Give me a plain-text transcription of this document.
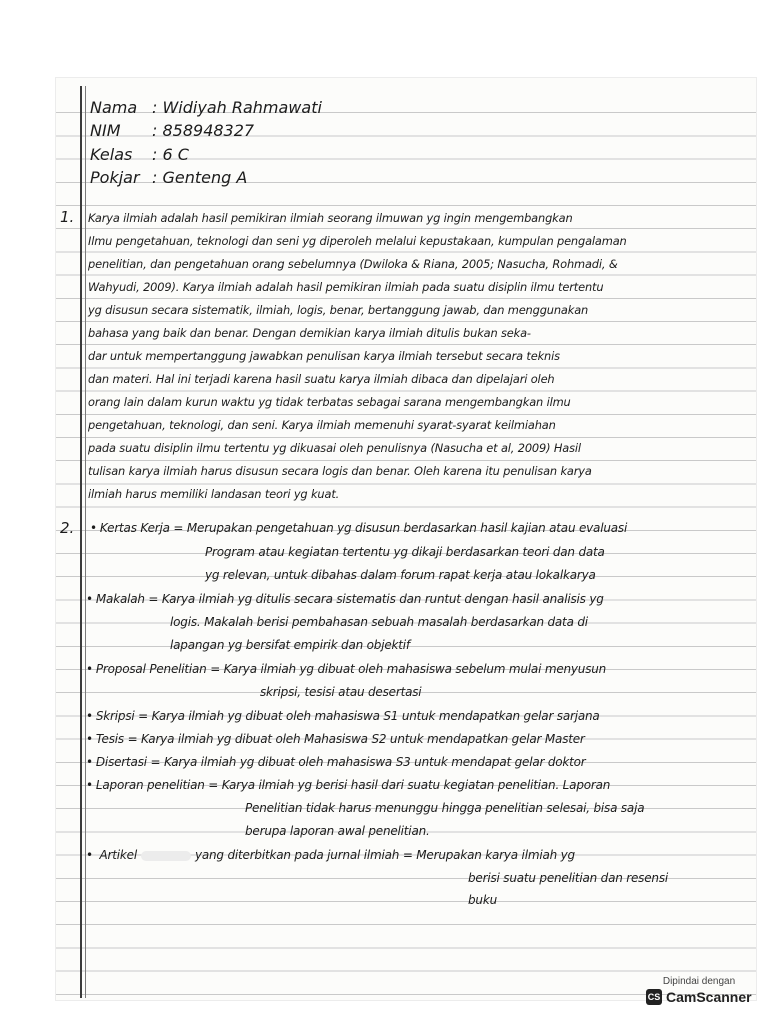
Nama : Widiyah Rahmawati
NIM : 858948327
Kelas : 6 C
Pokjar : Genteng A
1. Karya ilmiah adalah hasil pemikiran ilmiah seorang ilmuwan yg ingin mengembangkan
Ilmu pengetahuan, teknologi dan seni yg diperoleh melalui kepustakaan, kumpulan pengalaman
penelitian, dan pengetahuan orang sebelumnya (Dwiloka & Riana, 2005; Nasucha, Rohmadi, &
Wahyudi, 2009). Karya ilmiah adalah hasil pemikiran ilmiah pada suatu disiplin ilmu tertentu
yg disusun secara sistematik, ilmiah, logis, benar, bertanggung jawab, dan menggunakan
bahasa yang baik dan benar. Dengan demikian karya ilmiah ditulis bukan seka-
dar untuk mempertanggung jawabkan penulisan karya ilmiah tersebut secara teknis
dan materi. Hal ini terjadi karena hasil suatu karya ilmiah dibaca dan dipelajari oleh
orang lain dalam kurun waktu yg tidak terbatas sebagai sarana mengembangkan ilmu
pengetahuan, teknologi, dan seni. Karya ilmiah memenuhi syarat-syarat keilmiahan
pada suatu disiplin ilmu tertentu yg dikuasai oleh penulisnya (Nasucha et al, 2009) Hasil
tulisan karya ilmiah harus disusun secara logis dan benar. Oleh karena itu penulisan karya
ilmiah harus memiliki landasan teori yg kuat.
2.
•	Kertas Kerja = Merupakan pengetahuan yg disusun berdasarkan hasil kajian atau evaluasi
Program atau kegiatan tertentu yg dikaji berdasarkan teori dan data
yg relevan, untuk dibahas dalam forum rapat kerja atau lokalkarya
• Makalah = Karya ilmiah yg ditulis secara sistematis dan runtut dengan hasil analisis yg
logis. Makalah berisi pembahasan sebuah masalah berdasarkan data di
lapangan yg bersifat empirik dan objektif
• Proposal Penelitian = Karya ilmiah yg dibuat oleh mahasiswa sebelum mulai menyusun
skripsi, tesisi atau desertasi
• Skripsi = Karya ilmiah yg dibuat oleh mahasiswa S1 untuk mendapatkan gelar sarjana
• Tesis = Karya ilmiah yg dibuat oleh Mahasiswa S2 untuk mendapatkan gelar Master
• Disertasi = Karya ilmiah yg dibuat oleh mahasiswa S3 untuk mendapat gelar doktor
• Laporan penelitian = Karya ilmiah yg berisi hasil dari suatu kegiatan penelitian. Laporan
Penelitian tidak harus menunggu hingga penelitian selesai, bisa saja
berupa laporan awal penelitian.
• Artikel	yang diterbitkan pada jurnal ilmiah = Merupakan karya ilmiah yg
berisi suatu penelitian dan resensi
buku
Dipindai dengan
CS CamScanner
